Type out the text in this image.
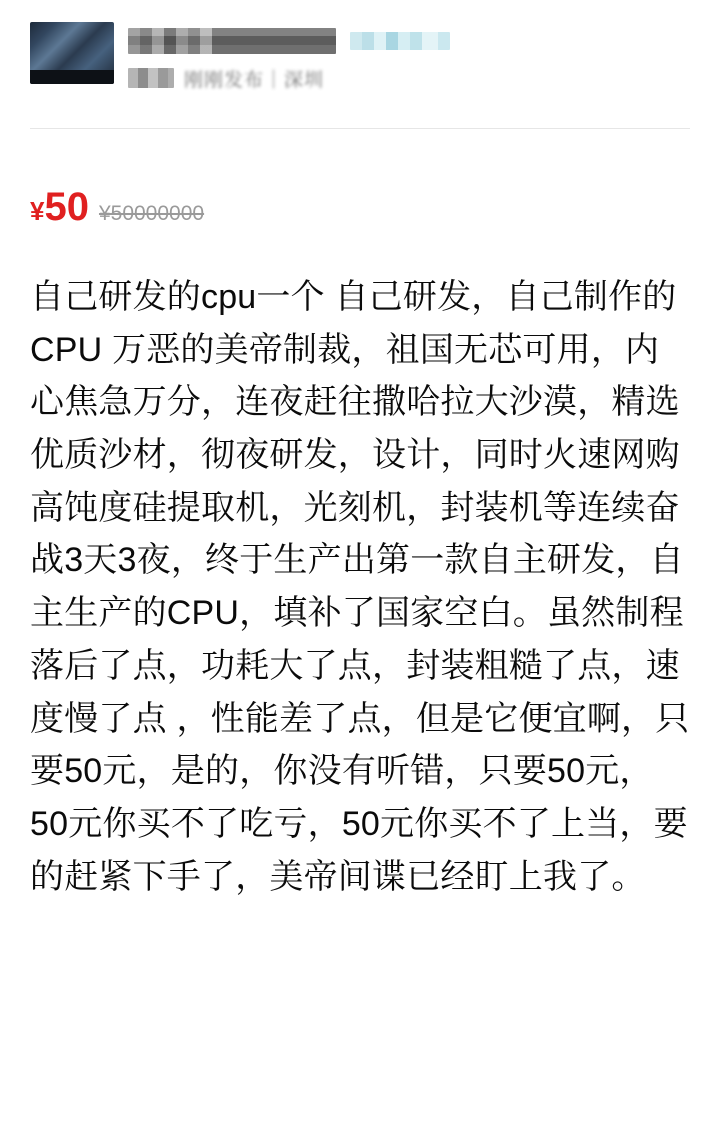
刚刚发布｜深圳
¥ 50 ¥50000000
自己研发的cpu一个 自己研发，自己制作的CPU 万恶的美帝制裁，祖国无芯可用，内心焦急万分，连夜赶往撒哈拉大沙漠，精选优质沙材，彻夜研发，设计，同时火速网购高饨度硅提取机，光刻机，封装机等连续奋战3天3夜，终于生产出第一款自主研发，自主生产的CPU，填补了国家空白。虽然制程落后了点，功耗大了点，封装粗糙了点，速度慢了点 ，性能差了点，但是它便宜啊，只要50元，是的，你没有听错，只要50元，50元你买不了吃亏，50元你买不了上当，要的赶紧下手了，美帝间谍已经盯上我了。
